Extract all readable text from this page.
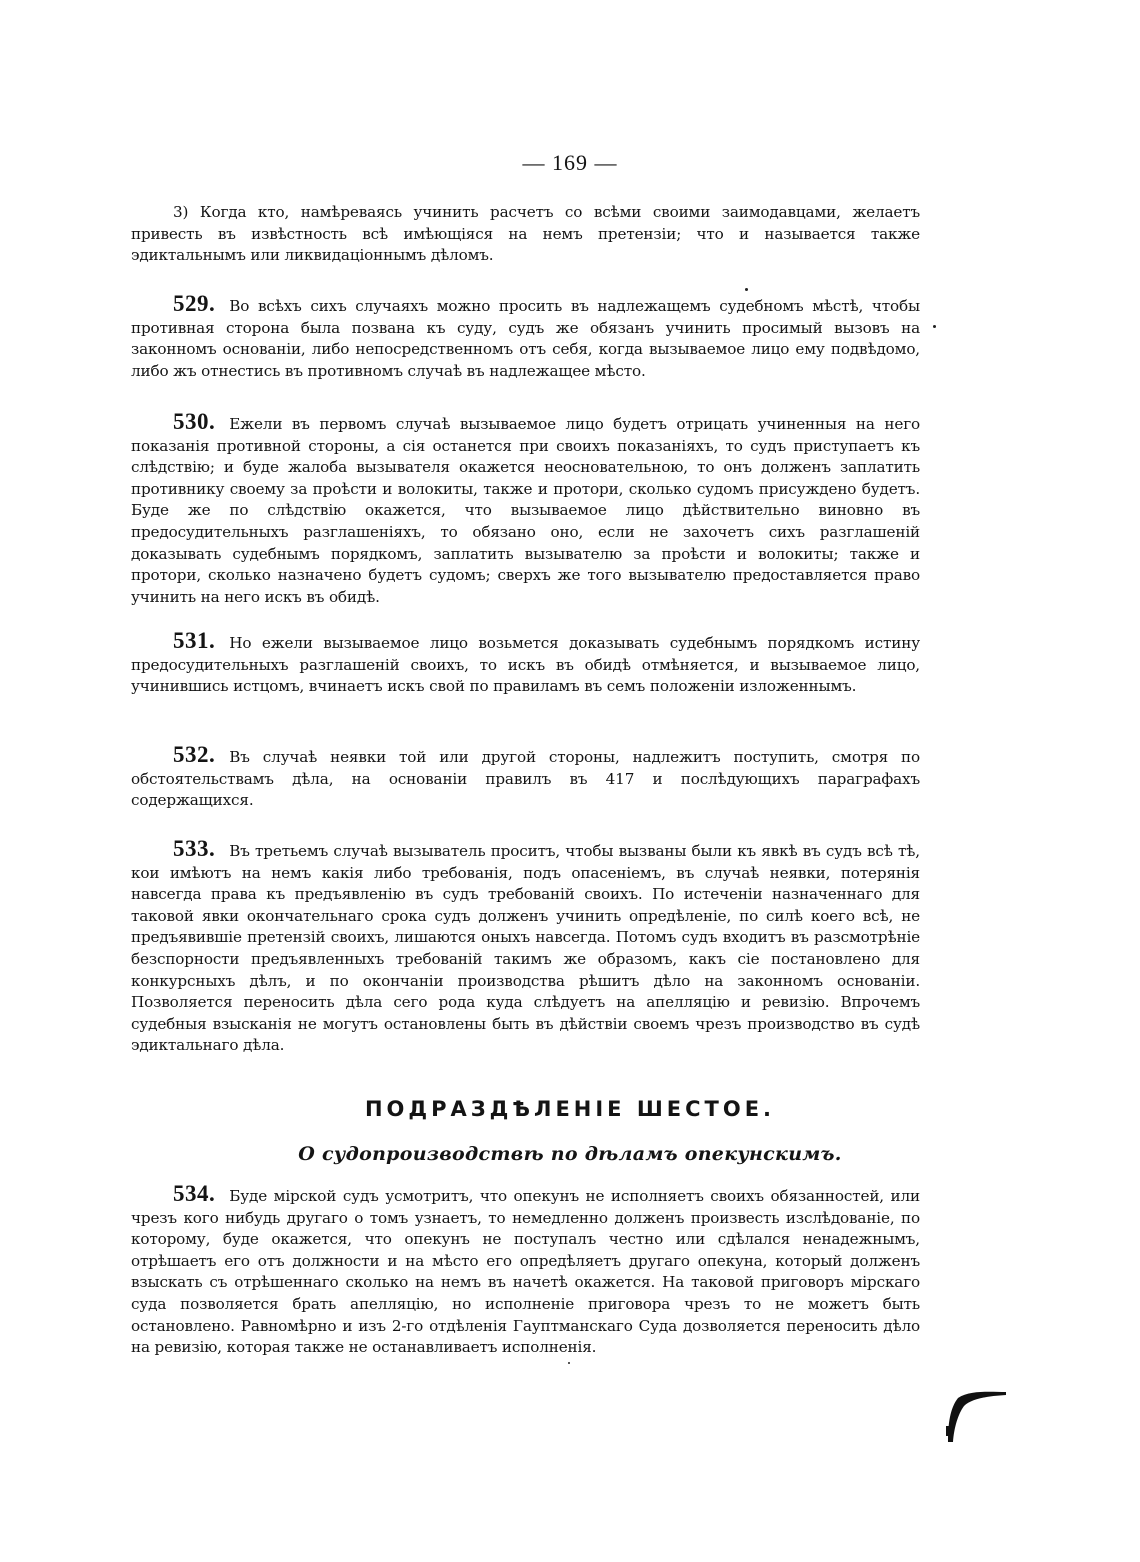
— 169 —

3) Когда кто, намѣреваясь учинить расчетъ со всѣми своими заимодавцами, желаетъ привесть въ извѣстность всѣ имѣющіяся на немъ претензіи; что и называется также эдиктальнымъ или ликвидаціоннымъ дѣломъ.

529. Во всѣхъ сихъ случаяхъ можно просить въ надлежащемъ судебномъ мѣстѣ, чтобы противная сторона была позвана къ суду, судъ же обязанъ учинить просимый вызовъ на законномъ основаніи, либо непосредственномъ отъ себя, когда вызываемое лицо ему подвѣдомо, либо жъ отнестись въ противномъ случаѣ въ надлежащее мѣсто.

530. Ежели въ первомъ случаѣ вызываемое лицо будетъ отрицать учиненныя на него показанія противной стороны, а сія останется при своихъ показаніяхъ, то судъ приступаетъ къ слѣдствію; и буде жалоба вызывателя окажется неосновательною, то онъ долженъ заплатить противнику своему за проѣсти и волокиты, также и протори, сколько судомъ присуждено будетъ. Буде же по слѣдствію окажется, что вызываемое лицо дѣйствительно виновно въ предосудительныхъ разглашеніяхъ, то обязано оно, если не захочетъ сихъ разглашеній доказывать судебнымъ порядкомъ, заплатить вызывателю за проѣсти и волокиты; также и протори, сколько назначено будетъ судомъ; сверхъ же того вызывателю предоставляется право учинить на него искъ въ обидѣ.

531. Но ежели вызываемое лицо возьмется доказывать судебнымъ порядкомъ истину предосудительныхъ разглашеній своихъ, то искъ въ обидѣ отмѣняется, и вызываемое лицо, учинившись истцомъ, вчинаетъ искъ свой по правиламъ въ семъ положеніи изложеннымъ.

532. Въ случаѣ неявки той или другой стороны, надлежитъ поступить, смотря по обстоятельствамъ дѣла, на основаніи правилъ въ 417 и послѣдующихъ параграфахъ содержащихся.

533. Въ третьемъ случаѣ вызыватель проситъ, чтобы вызваны были къ явкѣ въ судъ всѣ тѣ, кои имѣютъ на немъ какія либо требованія, подъ опасеніемъ, въ случаѣ неявки, потерянія навсегда права къ предъявленію въ судъ требованій своихъ. По истеченіи назначеннаго для таковой явки окончательнаго срока судъ долженъ учинить опредѣленіе, по силѣ коего всѣ, не предъявившіе претензій своихъ, лишаются оныхъ навсегда. Потомъ судъ входитъ въ разсмотрѣніе безспорности предъявленныхъ требованій такимъ же образомъ, какъ сіе постановлено для конкурсныхъ дѣлъ, и по окончаніи производства рѣшитъ дѣло на законномъ основаніи. Позволяется переносить дѣла сего рода куда слѣдуетъ на апелляцію и ревизію. Впрочемъ судебныя взысканія не могутъ остановлены быть въ дѣйствіи своемъ чрезъ производство въ судѣ эдиктальнаго дѣла.

ПОДРАЗДѢЛЕНІЕ ШЕСТОЕ.
О судопроизводствѣ по дѣламъ опекунскимъ.

534. Буде мірской судъ усмотритъ, что опекунъ не исполняетъ своихъ обязанностей, или чрезъ кого нибудь другаго о томъ узнаетъ, то немедленно долженъ произвесть изслѣдованіе, по которому, буде окажется, что опекунъ не поступалъ честно или сдѣлался ненадежнымъ, отрѣшаетъ его отъ должности и на мѣсто его опредѣляетъ другаго опекуна, который долженъ взыскать съ отрѣшеннаго сколько на немъ въ начетѣ окажется. На таковой приговоръ мірскаго суда позволяется брать апелляцію, но исполненіе приговора чрезъ то не можетъ быть остановлено. Равномѣрно и изъ 2-го отдѣленія Гауптманскаго Суда дозволяется переносить дѣло на ревизію, которая также не останавливаетъ исполненія.
